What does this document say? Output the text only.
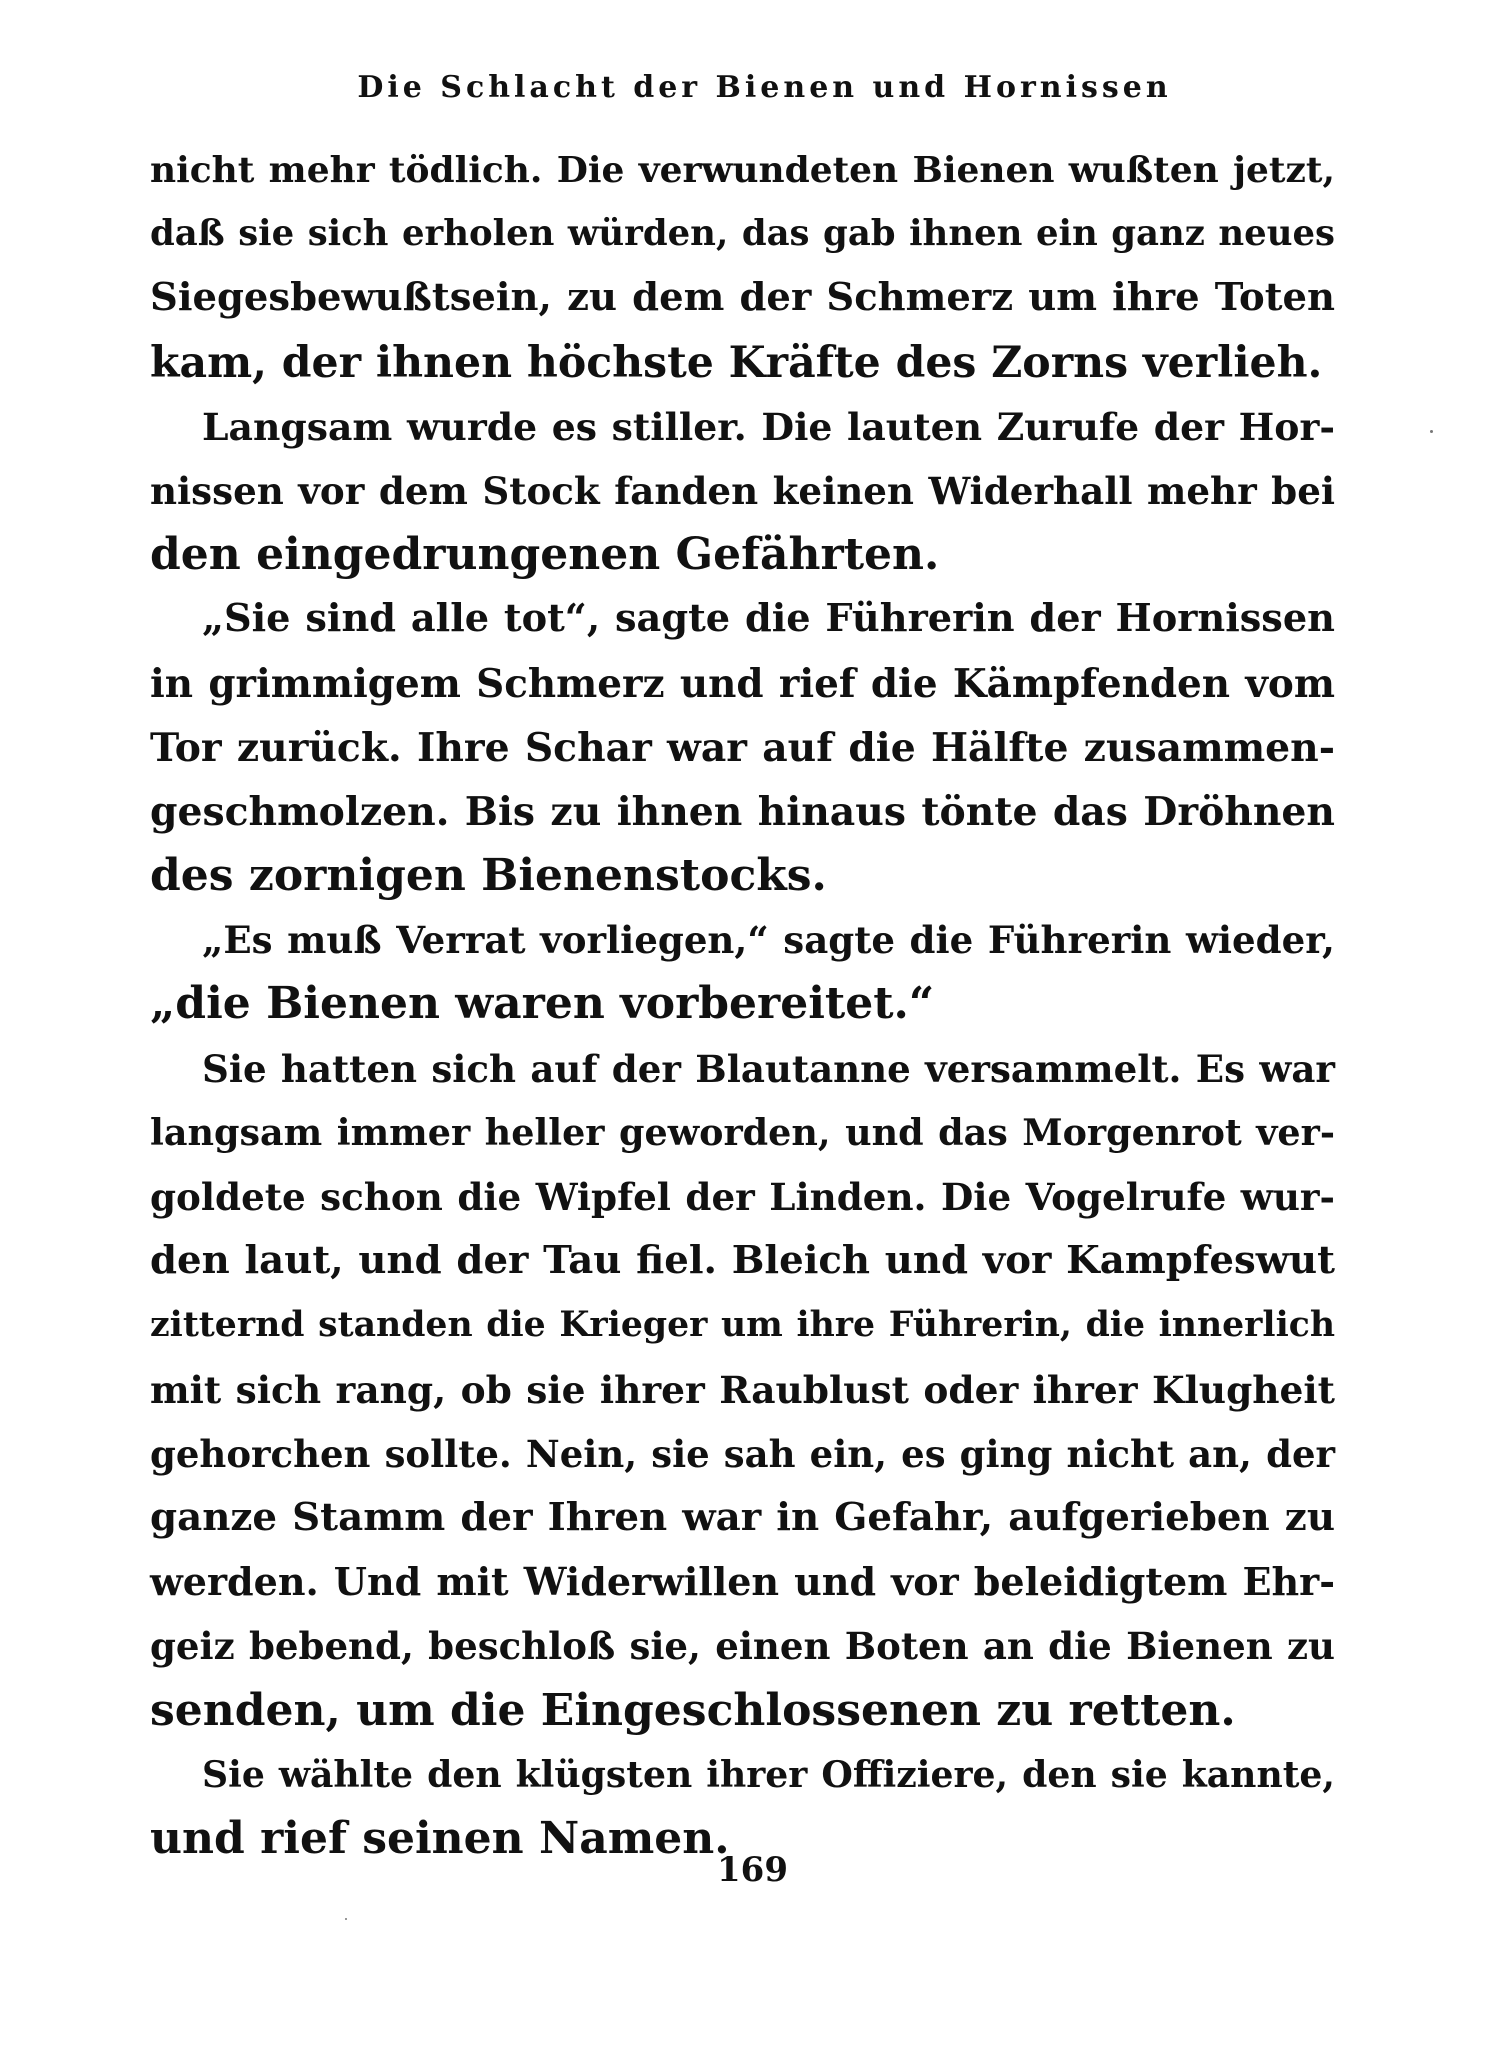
Die Schlacht der Bienen und Hornissen
nicht mehr tödlich. Die verwundeten Bienen wußten jetzt,
daß sie sich erholen würden, das gab ihnen ein ganz neues
Siegesbewußtsein, zu dem der Schmerz um ihre Toten
kam, der ihnen höchste Kräfte des Zorns verlieh.
Langsam wurde es stiller. Die lauten Zurufe der Hor-
nissen vor dem Stock fanden keinen Widerhall mehr bei
den eingedrungenen Gefährten.
„Sie sind alle tot“, sagte die Führerin der Hornissen
in grimmigem Schmerz und rief die Kämpfenden vom
Tor zurück. Ihre Schar war auf die Hälfte zusammen-
geschmolzen. Bis zu ihnen hinaus tönte das Dröhnen
des zornigen Bienenstocks.
„Es muß Verrat vorliegen,“ sagte die Führerin wieder,
„die Bienen waren vorbereitet.“
Sie hatten sich auf der Blautanne versammelt. Es war
langsam immer heller geworden, und das Morgenrot ver-
goldete schon die Wipfel der Linden. Die Vogelrufe wur-
den laut, und der Tau fiel. Bleich und vor Kampfeswut
zitternd standen die Krieger um ihre Führerin, die innerlich
mit sich rang, ob sie ihrer Raublust oder ihrer Klugheit
gehorchen sollte. Nein, sie sah ein, es ging nicht an, der
ganze Stamm der Ihren war in Gefahr, aufgerieben zu
werden. Und mit Widerwillen und vor beleidigtem Ehr-
geiz bebend, beschloß sie, einen Boten an die Bienen zu
senden, um die Eingeschlossenen zu retten.
Sie wählte den klügsten ihrer Offiziere, den sie kannte,
und rief seinen Namen.
169
